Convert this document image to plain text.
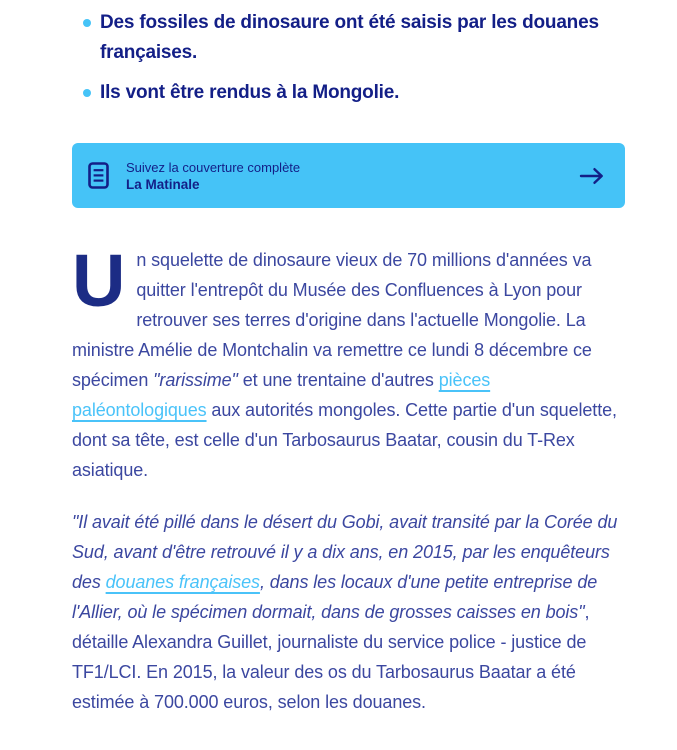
Des fossiles de dinosaure ont été saisis par les douanes françaises.
Ils vont être rendus à la Mongolie.
Suivez la couverture complète
La Matinale

Un squelette de dinosaure vieux de 70 millions d'années va quitter l'entrepôt du Musée des Confluences à Lyon pour retrouver ses terres d'origine dans l'actuelle Mongolie. La ministre Amélie de Montchalin va remettre ce lundi 8 décembre ce spécimen "rarissime" et une trentaine d'autres pièces paléontologiques aux autorités mongoles. Cette partie d'un squelette, dont sa tête, est celle d'un Tarbosaurus Baatar, cousin du T-Rex asiatique.

"Il avait été pillé dans le désert du Gobi, avait transité par la Corée du Sud, avant d'être retrouvé il y a dix ans, en 2015, par les enquêteurs des douanes françaises, dans les locaux d'une petite entreprise de l'Allier, où le spécimen dormait, dans de grosses caisses en bois", détaille Alexandra Guillet, journaliste du service police - justice de TF1/LCI. En 2015, la valeur des os du Tarbosaurus Baatar a été estimée à 700.000 euros, selon les douanes.
